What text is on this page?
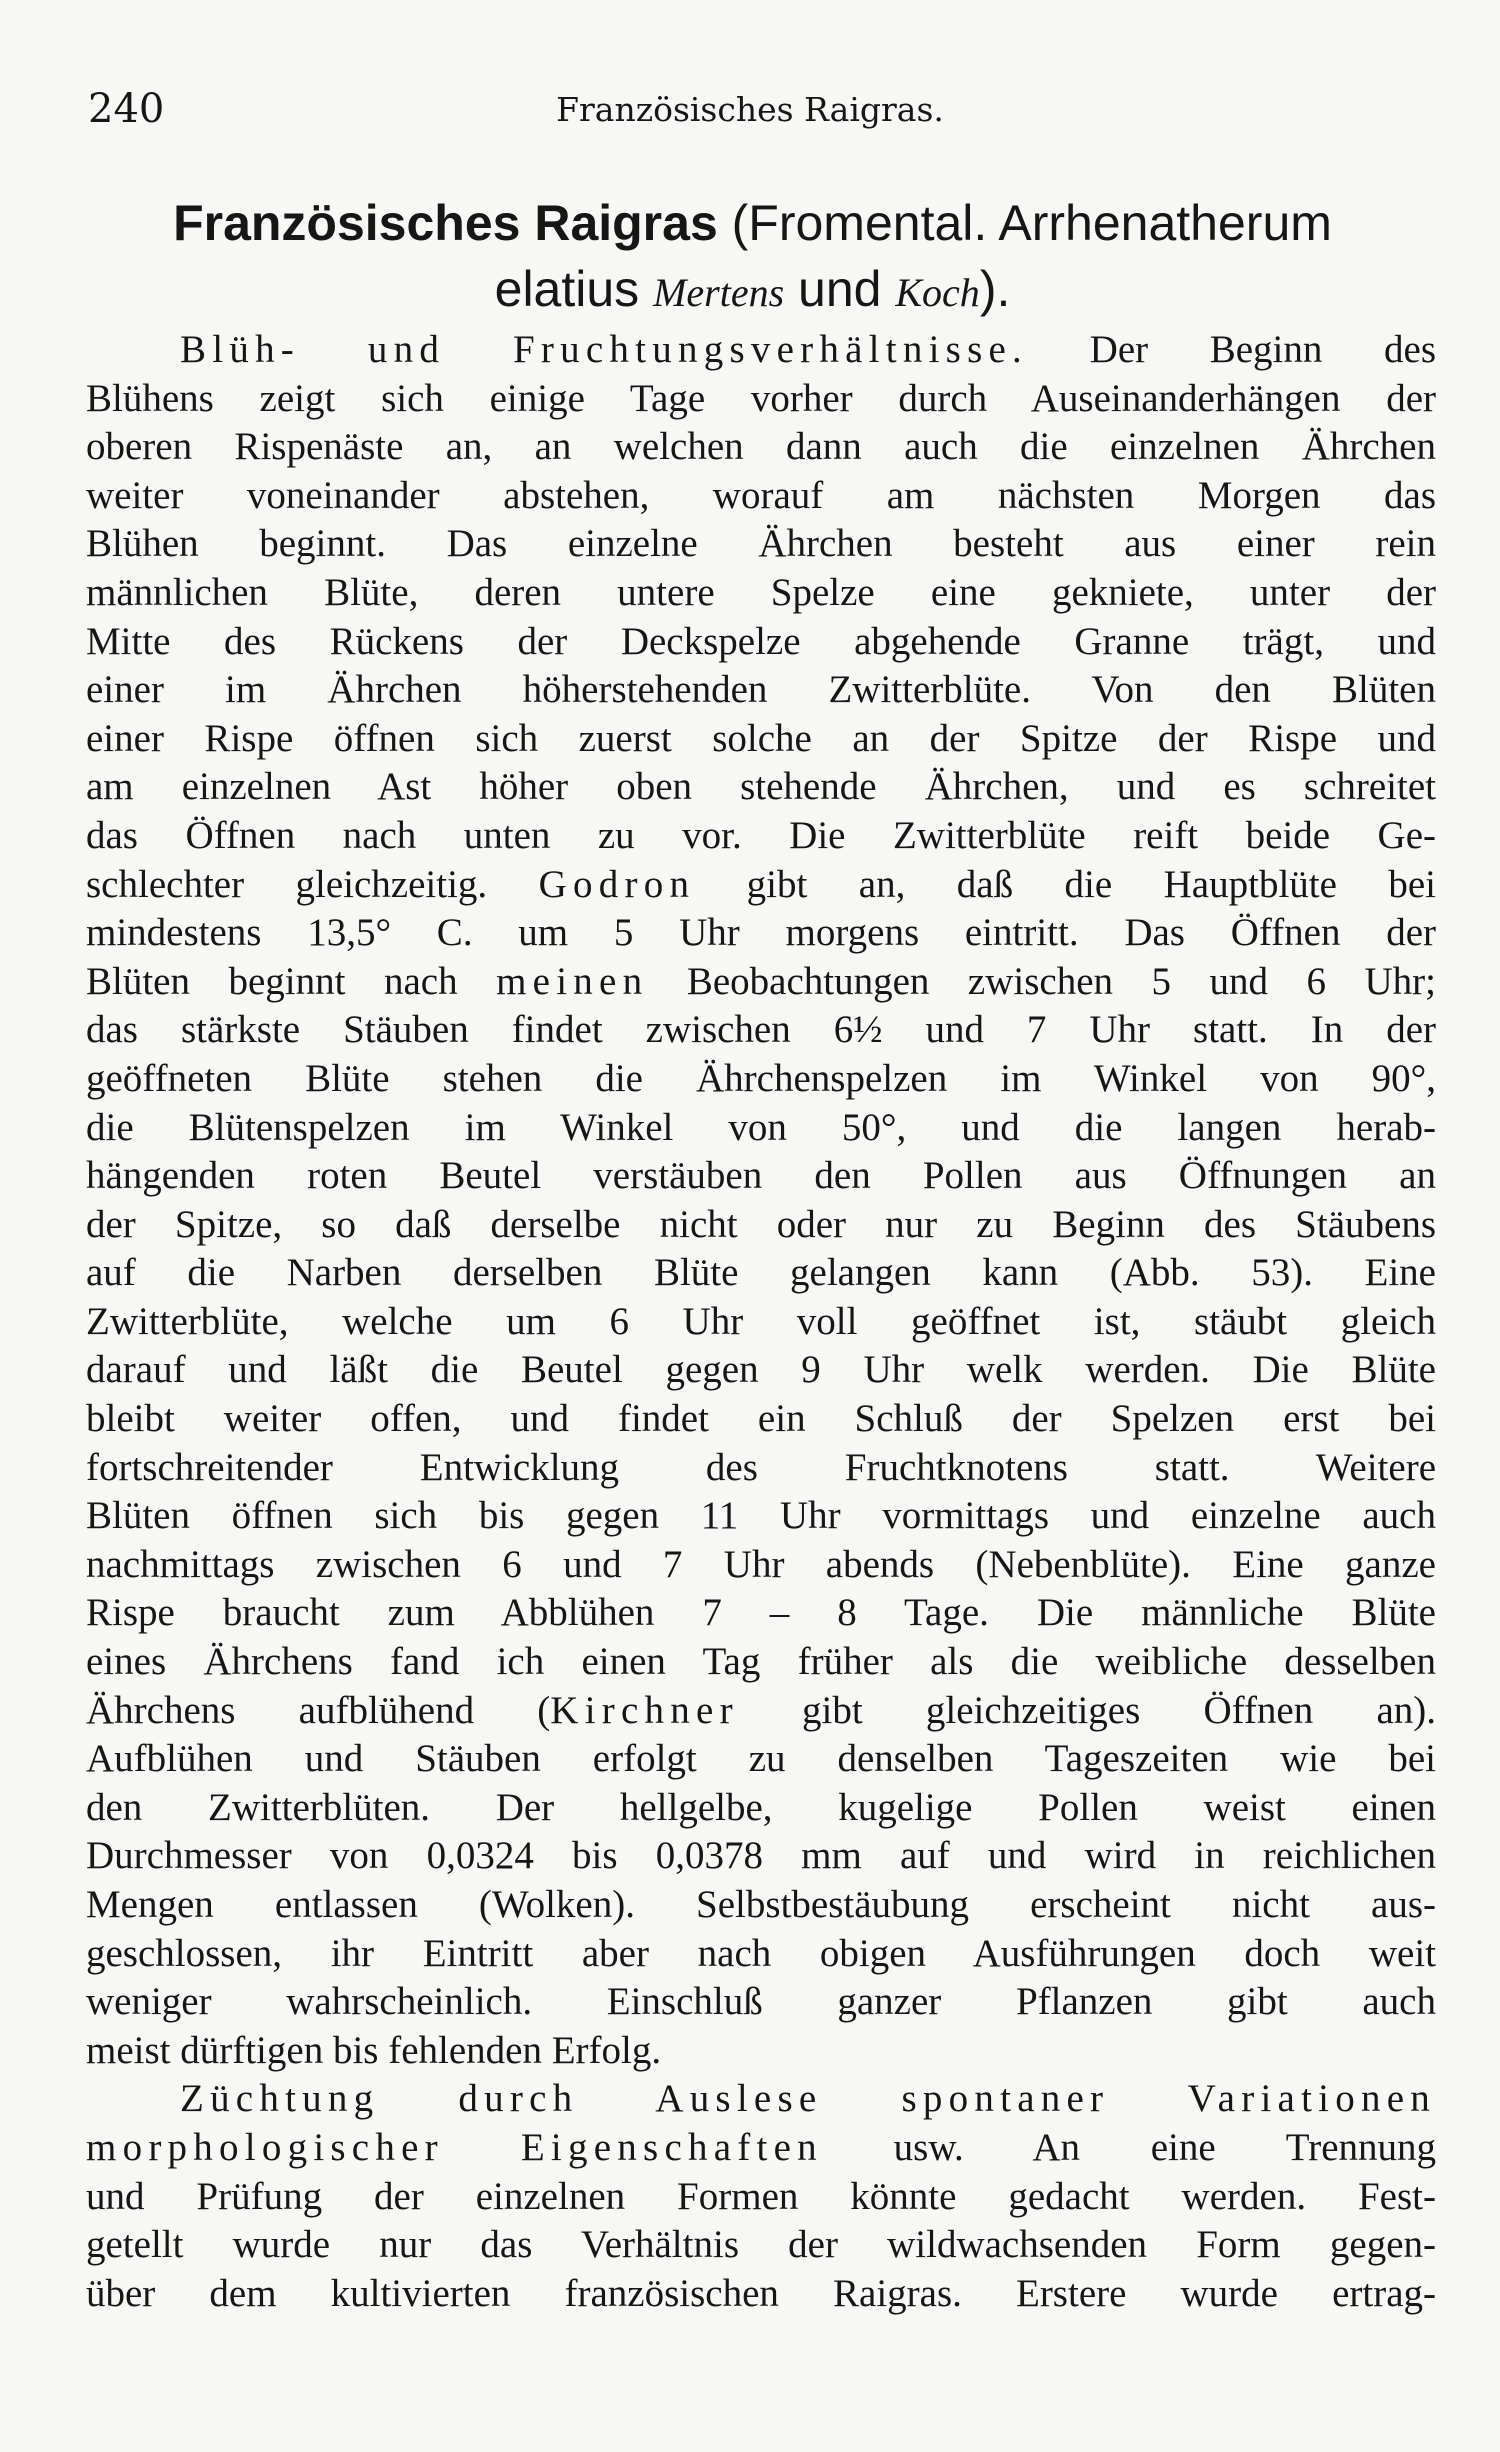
240	Französisches Raigras.
Französisches Raigras (Fromental. Arrhenatherum
elatius Mertens und Koch).
Blüh- und Fruchtungsverhältnisse. Der Beginn des
Blühens zeigt sich einige Tage vorher durch Auseinanderhängen der
oberen Rispenäste an, an welchen dann auch die einzelnen Ährchen
weiter voneinander abstehen, worauf am nächsten Morgen das
Blühen beginnt. Das einzelne Ährchen besteht aus einer rein
männlichen Blüte, deren untere Spelze eine gekniete, unter der
Mitte des Rückens der Deckspelze abgehende Granne trägt, und
einer im Ährchen höherstehenden Zwitterblüte. Von den Blüten
einer Rispe öffnen sich zuerst solche an der Spitze der Rispe und
am einzelnen Ast höher oben stehende Ährchen, und es schreitet
das Öffnen nach unten zu vor. Die Zwitterblüte reift beide Ge-
schlechter gleichzeitig. Godron gibt an, daß die Hauptblüte bei
mindestens 13,5° C. um 5 Uhr morgens eintritt. Das Öffnen der
Blüten beginnt nach meinen Beobachtungen zwischen 5 und 6 Uhr;
das stärkste Stäuben findet zwischen 6½ und 7 Uhr statt. In der
geöffneten Blüte stehen die Ährchenspelzen im Winkel von 90°,
die Blütenspelzen im Winkel von 50°, und die langen herab-
hängenden roten Beutel verstäuben den Pollen aus Öffnungen an
der Spitze, so daß derselbe nicht oder nur zu Beginn des Stäubens
auf die Narben derselben Blüte gelangen kann (Abb. 53). Eine
Zwitterblüte, welche um 6 Uhr voll geöffnet ist, stäubt gleich
darauf und läßt die Beutel gegen 9 Uhr welk werden. Die Blüte
bleibt weiter offen, und findet ein Schluß der Spelzen erst bei
fortschreitender Entwicklung des Fruchtknotens statt. Weitere
Blüten öffnen sich bis gegen 11 Uhr vormittags und einzelne auch
nachmittags zwischen 6 und 7 Uhr abends (Nebenblüte). Eine ganze
Rispe braucht zum Abblühen 7 – 8 Tage. Die männliche Blüte
eines Ährchens fand ich einen Tag früher als die weibliche desselben
Ährchens aufblühend (Kirchner gibt gleichzeitiges Öffnen an).
Aufblühen und Stäuben erfolgt zu denselben Tageszeiten wie bei
den Zwitterblüten. Der hellgelbe, kugelige Pollen weist einen
Durchmesser von 0,0324 bis 0,0378 mm auf und wird in reichlichen
Mengen entlassen (Wolken). Selbstbestäubung erscheint nicht aus-
geschlossen, ihr Eintritt aber nach obigen Ausführungen doch weit
weniger wahrscheinlich. Einschluß ganzer Pflanzen gibt auch
meist dürftigen bis fehlenden Erfolg.
Züchtung durch Auslese spontaner Variationen
morphologischer Eigenschaften usw. An eine Trennung
und Prüfung der einzelnen Formen könnte gedacht werden. Fest-
getellt wurde nur das Verhältnis der wildwachsenden Form gegen-
über dem kultivierten französischen Raigras. Erstere wurde ertrag-
